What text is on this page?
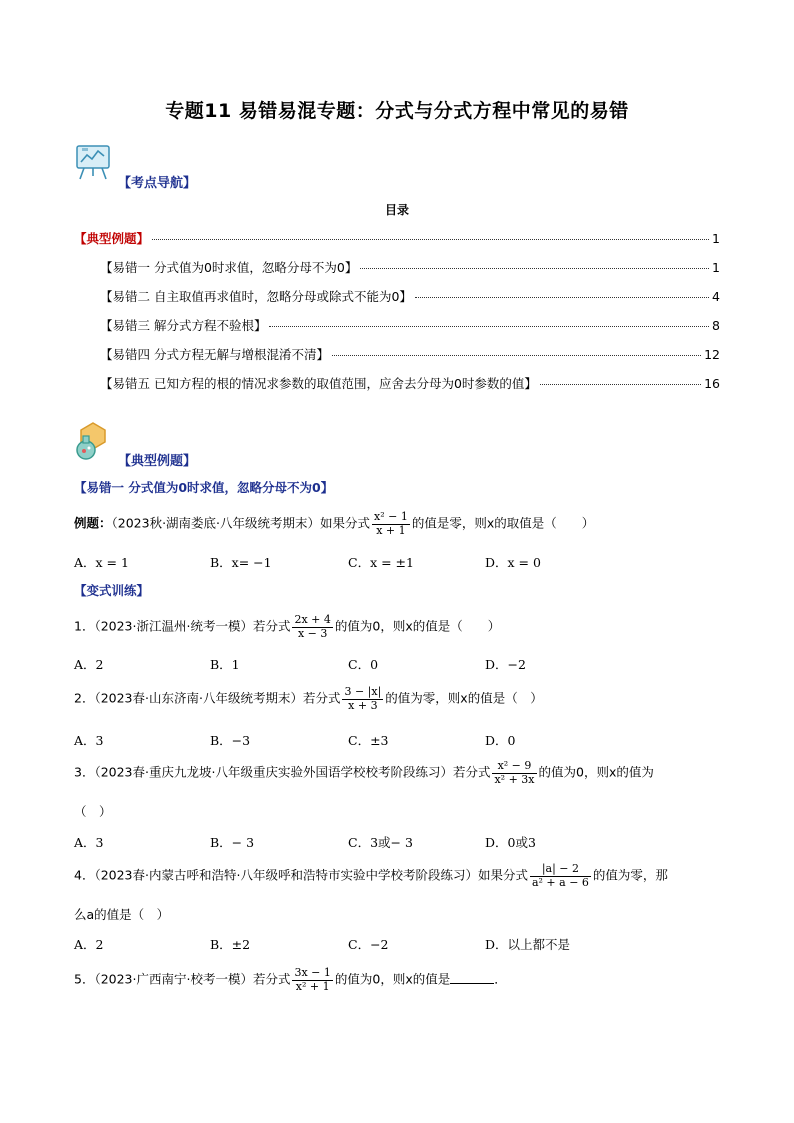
专题11 易错易混专题：分式与分式方程中常见的易错
【考点导航】
目录
【典型例题】	1
【易错一 分式值为0时求值，忽略分母不为0】	1
【易错二 自主取值再求值时，忽略分母或除式不能为0】	4
【易错三 解分式方程不验根】	8
【易错四 分式方程无解与增根混淆不清】	12
【易错五 已知方程的根的情况求参数的取值范围，应舍去分母为0时参数的值】	16
【典型例题】
【易错一 分式值为0时求值，忽略分母不为0】
例题：（2023秋·湖南娄底·八年级统考期末）如果分式 $\frac{\text{x² − 1}}{x + 1}$ 的值是零，则x的取值是（　　）
A．x = 1	B．x= −1	C．x = ±1	D．x = 0
【变式训练】
1．（2023·浙江温州·统考一模）若分式 $\frac{2x + 4}{x - 3}$ 的值为0，则x的值是（　　）
A．2	B．1	C．0	D．−2
2．（2023春·山东济南·八年级统考期末）若分式 $\frac{3 - |x|}{x + 3}$ 的值为零，则x的值是（　）
A．3	B．−3	C．±3	D．0
3．（2023春·重庆九龙坡·八年级重庆实验外国语学校校考阶段练习）若分式 $\frac{\text{x² − 9}}{\text{x² + 3x}}$ 的值为0，则x的值为
（　）
A．3	B．− 3	C．3或− 3	D．0或3
4．（2023春·内蒙古呼和浩特·八年级呼和浩特市实验中学校考阶段练习）如果分式 $\frac{|a| - 2}{\text{a² + a − 6}}$ 的值为零，那
么a的值是（　）
A．2	B．±2	C．−2	D．以上都不是
5．（2023·广西南宁·校考一模）若分式 $\frac{3x - 1}{\text{x² + 1}}$ 的值为0，则x的值是	．
